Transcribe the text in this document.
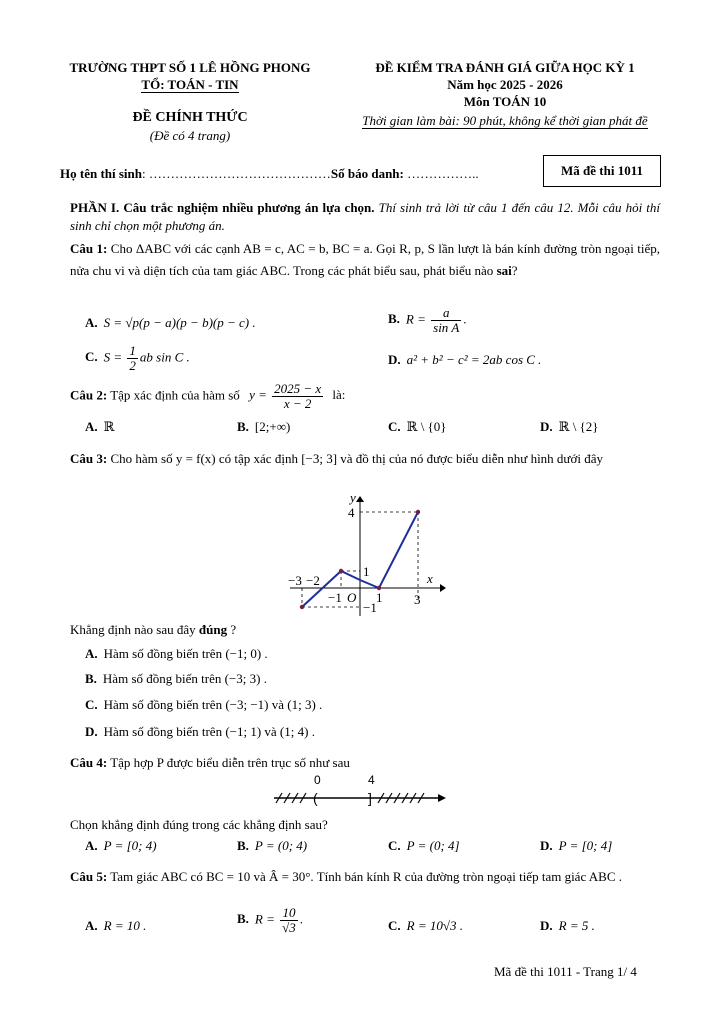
TRƯỜNG THPT SỐ 1 LÊ HỒNG PHONG
TỔ: TOÁN - TIN
ĐỀ CHÍNH THỨC
(Đề có 4 trang)
ĐỀ KIỂM TRA ĐÁNH GIÁ GIỮA HỌC KỲ 1
Năm học 2025 - 2026
Môn TOÁN 10
Thời gian làm bài: 90 phút, không kể thời gian phát đề
Họ tên thí sinh: ……………………………………Số báo danh: ……………..	Mã đề thi 1011
PHẦN I. Câu trắc nghiệm nhiều phương án lựa chọn. Thí sinh trả lời từ câu 1 đến câu 12. Mỗi câu hỏi thí sinh chỉ chọn một phương án.
Câu 1: Cho ΔABC với các cạnh AB = c, AC = b, BC = a. Gọi R, p, S lần lượt là bán kính đường tròn ngoại tiếp, nửa chu vi và diện tích của tam giác ABC. Trong các phát biểu sau, phát biểu nào sai?
A. S = √p(p − a)(p − b)(p − c) .	B. $R = \frac{a}{\text{sin A}}$ .
C. $S = \frac{1}{2}$ ab sin C .	D. a² + b² − c² = 2ab cos C .
Câu 2: Tập xác định của hàm số $y = \frac{2025 - x}{x - 2}$ là:
A. ℝ	B. [2;+∞)	C. ℝ \ {0}	D. ℝ \ {2}
Câu 3: Cho hàm số y = f(x) có tập xác định [−3; 3] và đồ thị của nó được biểu diễn như hình dưới đây
y
x
4
1
−1
−3 −2
−1 O 1 3
Khẳng định nào sau đây đúng ?
A. Hàm số đồng biến trên (−1; 0) .
B. Hàm số đồng biến trên (−3; 3) .
C. Hàm số đồng biến trên (−3; −1) và (1; 3) .
D. Hàm số đồng biến trên (−1; 1) và (1; 4) .
Câu 4: Tập hợp P được biểu diễn trên trục số như sau
0	4
(	]
Chọn khẳng định đúng trong các khẳng định sau?
A. P = [0; 4)	B. P = (0; 4)	C. P = (0; 4]	D. P = [0; 4]
Câu 5: Tam giác ABC có BC = 10 và Â = 30°. Tính bán kính R của đường tròn ngoại tiếp tam giác ABC .
A. R = 10 .	B. $R = \frac{10}{√3}$ .	C. R = 10√3 .	D. R = 5 .
Mã đề thi 1011 - Trang 1/ 4
